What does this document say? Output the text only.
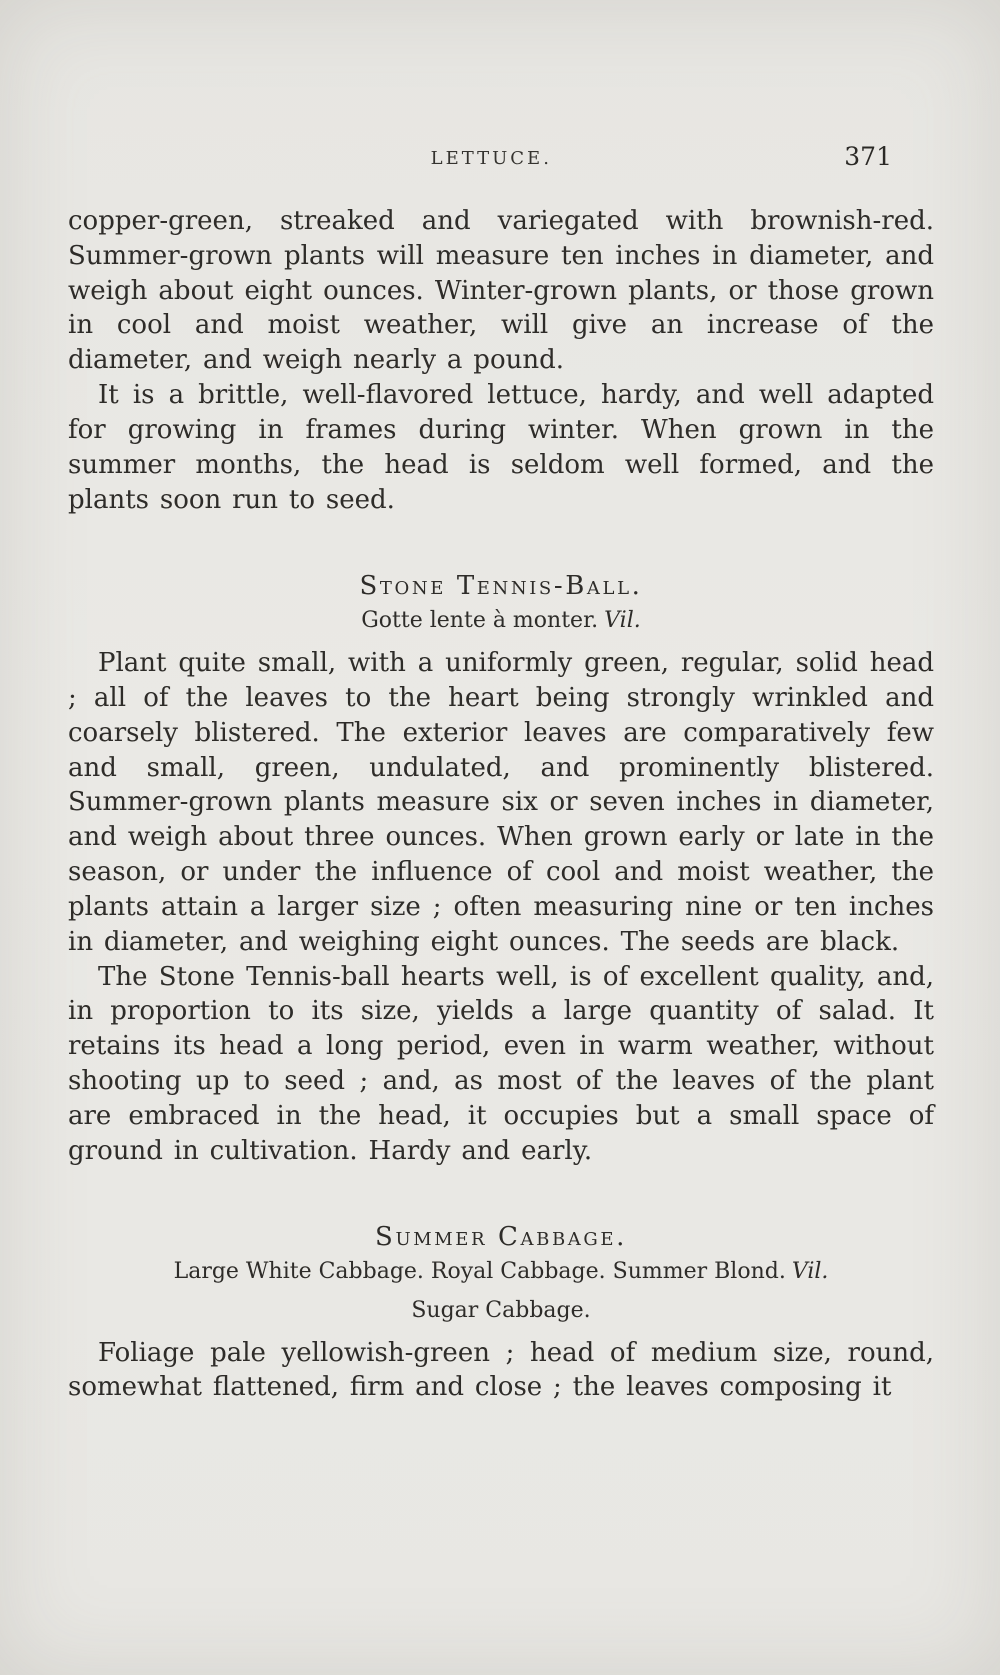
LETTUCE.	371

copper-green, streaked and variegated with brownish-red. Summer-grown plants will measure ten inches in diameter, and weigh about eight ounces. Winter-grown plants, or those grown in cool and moist weather, will give an increase of the diameter, and weigh nearly a pound.

It is a brittle, well-flavored lettuce, hardy, and well adapted for growing in frames during winter. When grown in the summer months, the head is seldom well formed, and the plants soon run to seed.

Stone Tennis-Ball.
Gotte lente à monter. Vil.

Plant quite small, with a uniformly green, regular, solid head ; all of the leaves to the heart being strongly wrinkled and coarsely blistered. The exterior leaves are comparatively few and small, green, undulated, and prominently blistered. Summer-grown plants measure six or seven inches in diameter, and weigh about three ounces. When grown early or late in the season, or under the influence of cool and moist weather, the plants attain a larger size ; often measuring nine or ten inches in diameter, and weighing eight ounces. The seeds are black.

The Stone Tennis-ball hearts well, is of excellent quality, and, in proportion to its size, yields a large quantity of salad. It retains its head a long period, even in warm weather, without shooting up to seed ; and, as most of the leaves of the plant are embraced in the head, it occupies but a small space of ground in cultivation. Hardy and early.

Summer Cabbage.
Large White Cabbage. Royal Cabbage. Summer Blond. Vil.
Sugar Cabbage.

Foliage pale yellowish-green ; head of medium size, round, somewhat flattened, firm and close ; the leaves composing it
